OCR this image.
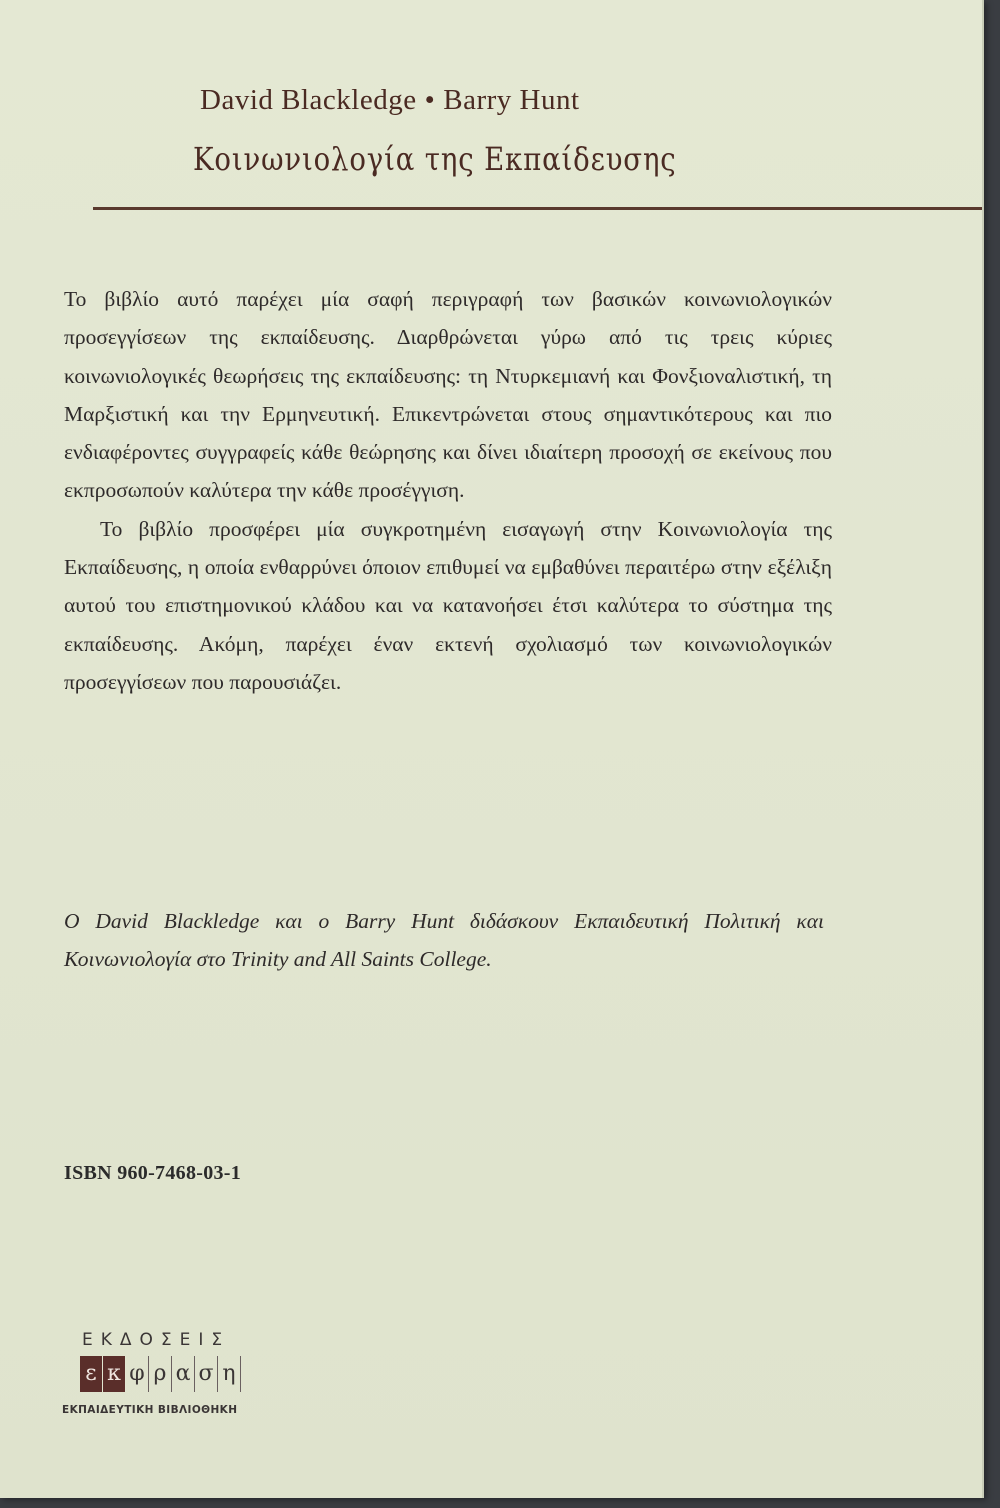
David Blackledge • Barry Hunt
Κοινωνιολογία της Εκπαίδευσης

Το βιβλίο αυτό παρέχει μία σαφή περιγραφή των βασικών κοινωνιολογικών προσεγγίσεων της εκπαίδευσης. Διαρθρώνεται γύρω από τις τρεις κύριες κοινωνιολογικές θεωρήσεις της εκπαίδευσης: τη Ντυρκεμιανή και Φονξιοναλιστική, τη Μαρξιστική και την Ερμηνευτική. Επικεντρώνεται στους σημαντικότερους και πιο ενδιαφέροντες συγγραφείς κάθε θεώρησης και δίνει ιδιαίτερη προσοχή σε εκείνους που εκπροσωπούν καλύτερα την κάθε προσέγγιση.

Το βιβλίο προσφέρει μία συγκροτημένη εισαγωγή στην Κοινωνιολογία της Εκπαίδευσης, η οποία ενθαρρύνει όποιον επιθυμεί να εμβαθύνει περαιτέρω στην εξέλιξη αυτού του επιστημονικού κλάδου και να κατανοήσει έτσι καλύτερα το σύστημα της εκπαίδευσης. Ακόμη, παρέχει έναν εκτενή σχολιασμό των κοινωνιολογικών προσεγγίσεων που παρουσιάζει.

Ο David Blackledge και ο Barry Hunt διδάσκουν Εκπαιδευτική Πολιτική και Κοινωνιολογία στο Trinity and All Saints College.

ISBN 960-7468-03-1
ΕΚΔΟΣΕΙΣ
ε κ φ ρ α σ η
ΕΚΠΑΙΔΕΥΤΙΚΗ ΒΙΒΛΙΟΘΗΚΗ
